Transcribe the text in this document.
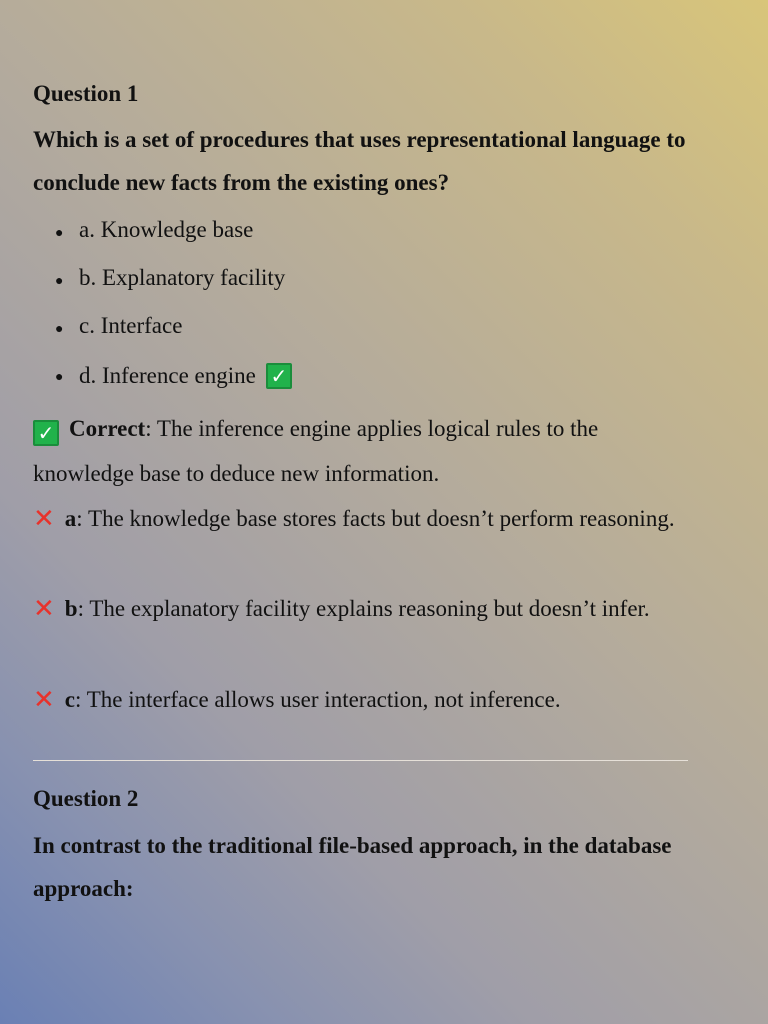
Question 1
Which is a set of procedures that uses representational language to conclude new facts from the existing ones?
● a. Knowledge base
● b. Explanatory facility
● c. Interface
● d. Inference engine ✓
✓ Correct: The inference engine applies logical rules to the knowledge base to deduce new information.
✕ a: The knowledge base stores facts but doesn’t perform reasoning.
✕ b: The explanatory facility explains reasoning but doesn’t infer.
✕ c: The interface allows user interaction, not inference.
Question 2
In contrast to the traditional file-based approach, in the database approach:
